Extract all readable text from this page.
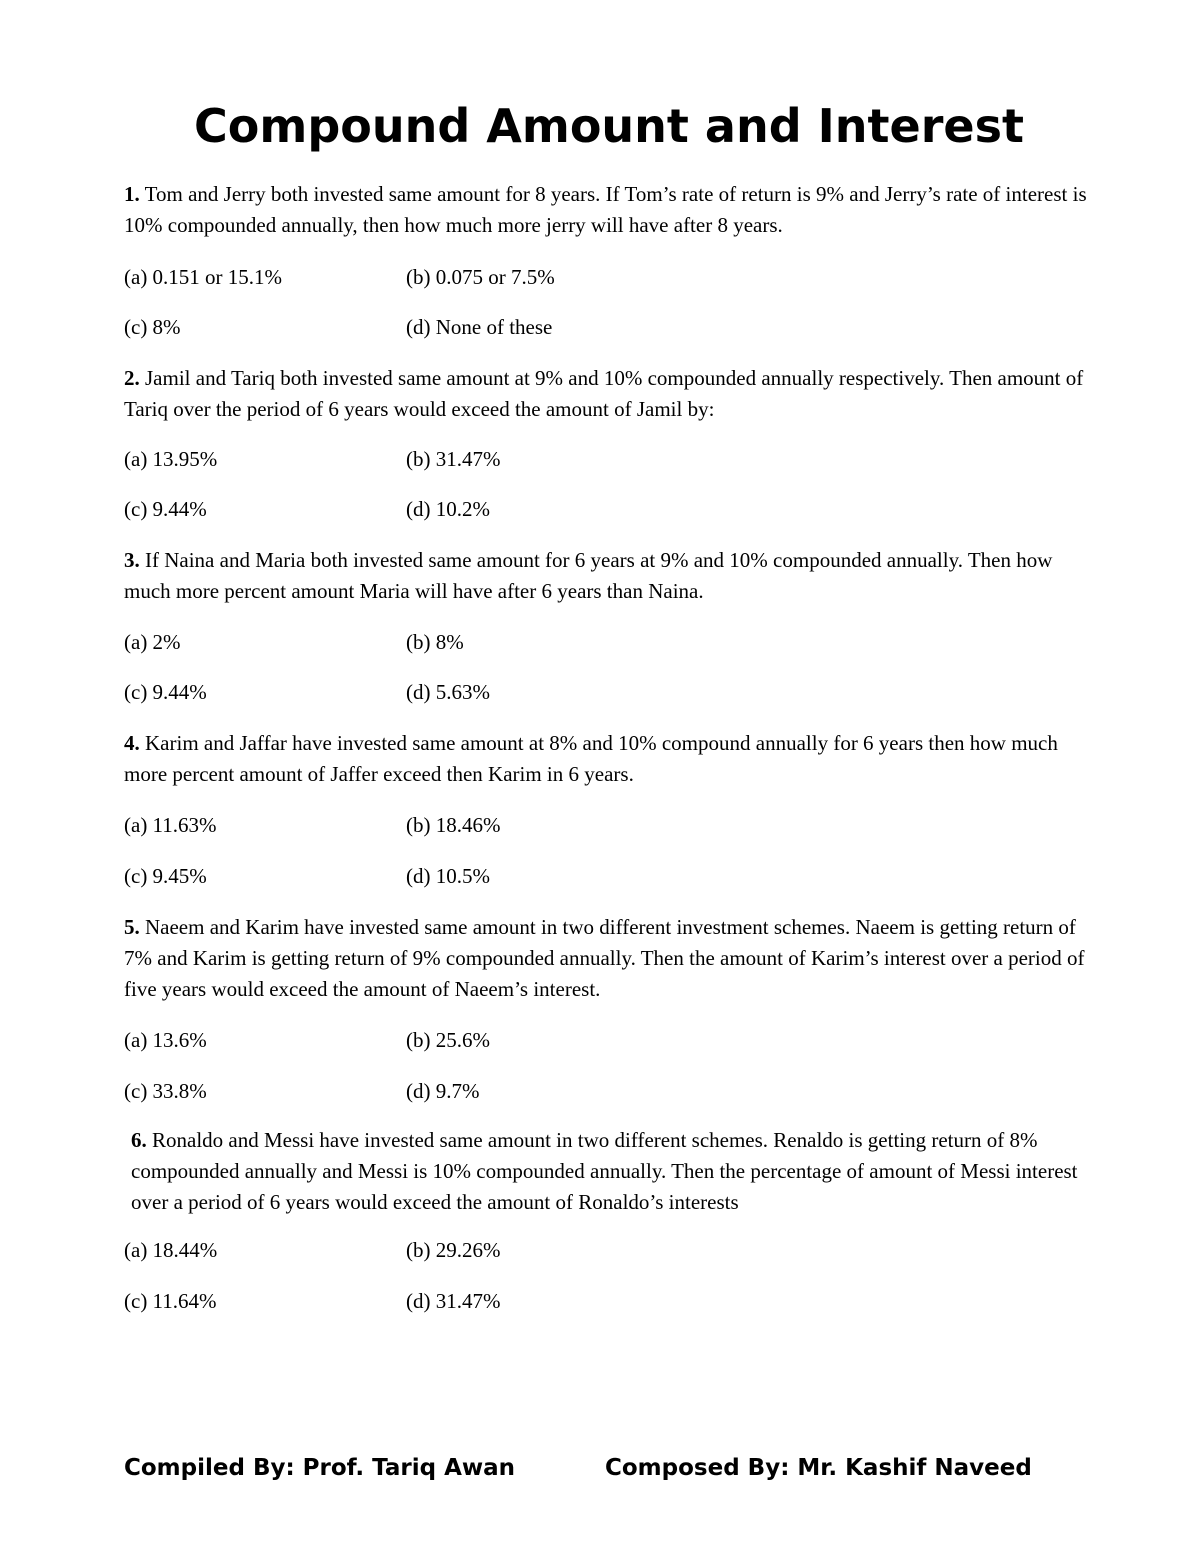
Compound Amount and Interest

1. Tom and Jerry both invested same amount for 8 years. If Tom’s rate of return is 9% and Jerry’s rate of interest is 10% compounded annually, then how much more jerry will have after 8 years.

(a) 0.151 or 15.1%	(b) 0.075 or 7.5%
(c) 8%	(d) None of these

2. Jamil and Tariq both invested same amount at 9% and 10% compounded annually respectively. Then amount of Tariq over the period of 6 years would exceed the amount of Jamil by:

(a) 13.95%	(b) 31.47%
(c) 9.44%	(d) 10.2%

3. If Naina and Maria both invested same amount for 6 years at 9% and 10% compounded annually. Then how much more percent amount Maria will have after 6 years than Naina.

(a) 2%	(b) 8%
(c) 9.44%	(d) 5.63%

4. Karim and Jaffar have invested same amount at 8% and 10% compound annually for 6 years then how much more percent amount of Jaffer exceed then Karim in 6 years.

(a) 11.63%	(b) 18.46%
(c) 9.45%	(d) 10.5%

5. Naeem and Karim have invested same amount in two different investment schemes. Naeem is getting return of 7% and Karim is getting return of 9% compounded annually. Then the amount of Karim’s interest over a period of five years would exceed the amount of Naeem’s interest.

(a) 13.6%	(b) 25.6%
(c) 33.8%	(d) 9.7%

6. Ronaldo and Messi have invested same amount in two different schemes. Renaldo is getting return of 8% compounded annually and Messi is 10% compounded annually. Then the percentage of amount of Messi interest over a period of 6 years would exceed the amount of Ronaldo’s interests

(a) 18.44%	(b) 29.26%
(c) 11.64%	(d) 31.47%
Compiled By: Prof. Tariq Awan	Composed By: Mr. Kashif Naveed
